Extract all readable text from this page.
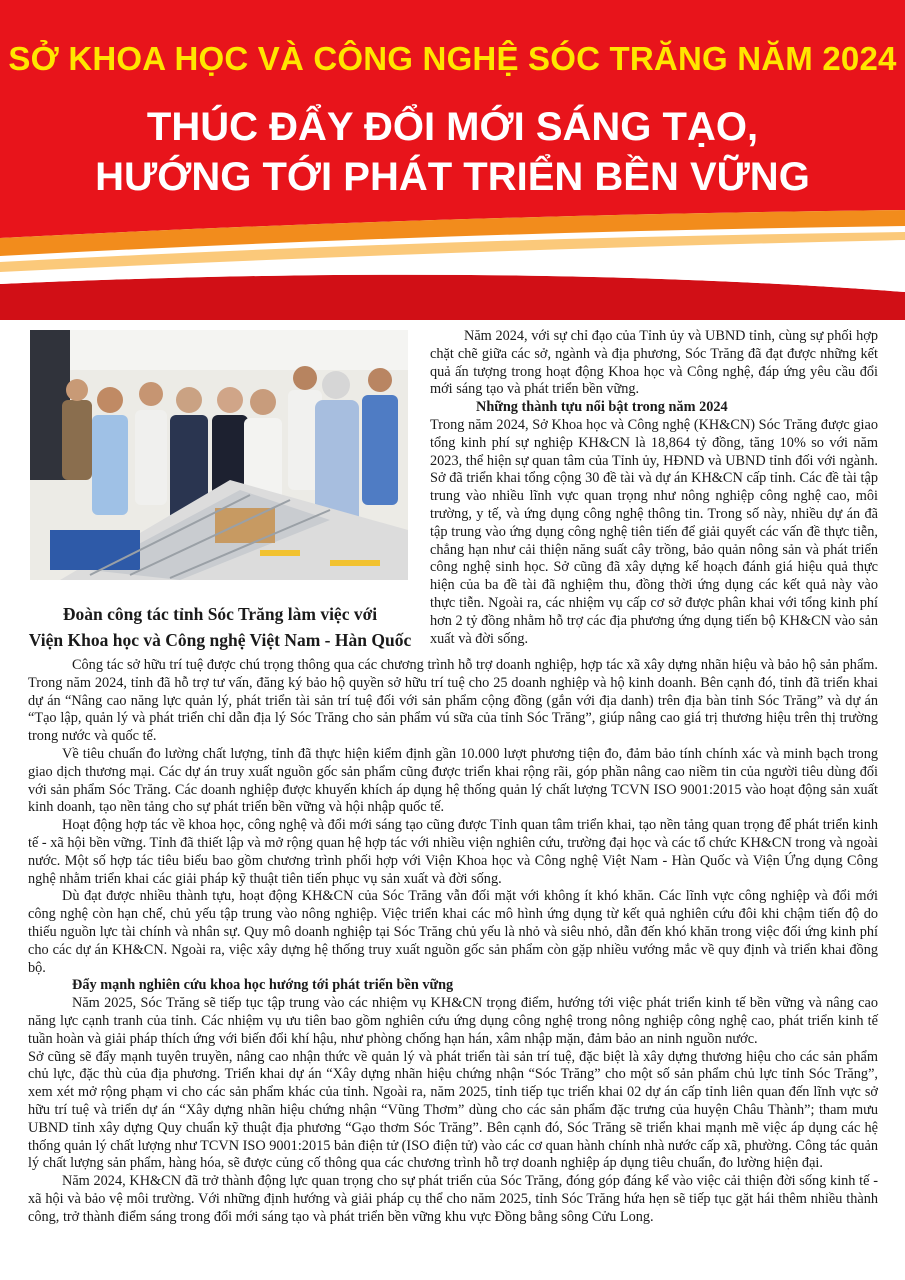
SỞ KHOA HỌC VÀ CÔNG NGHỆ SÓC TRĂNG NĂM 2024
THÚC ĐẨY ĐỔI MỚI SÁNG TẠO,
HƯỚNG TỚI PHÁT TRIỂN BỀN VỮNG

Đoàn công tác tỉnh Sóc Trăng làm việc với
Viện Khoa học và Công nghệ Việt Nam - Hàn Quốc

Năm 2024, với sự chỉ đạo của Tỉnh ủy và UBND tỉnh, cùng sự phối hợp chặt chẽ giữa các sở, ngành và địa phương, Sóc Trăng đã đạt được những kết quả ấn tượng trong hoạt động Khoa học và Công nghệ, đáp ứng yêu cầu đổi mới sáng tạo và phát triển bền vững.

Những thành tựu nổi bật trong năm 2024

Trong năm 2024, Sở Khoa học và Công nghệ (KH&CN) Sóc Trăng được giao tổng kinh phí sự nghiệp KH&CN là 18,864 tỷ đồng, tăng 10% so với năm 2023, thể hiện sự quan tâm của Tỉnh ủy, HĐND và UBND tỉnh đối với ngành. Sở đã triển khai tổng cộng 30 đề tài và dự án KH&CN cấp tỉnh. Các đề tài tập trung vào nhiều lĩnh vực quan trọng như nông nghiệp công nghệ cao, môi trường, y tế, và ứng dụng công nghệ thông tin. Trong số này, nhiều dự án đã tập trung vào ứng dụng công nghệ tiên tiến để giải quyết các vấn đề thực tiễn, chẳng hạn như cải thiện năng suất cây trồng, bảo quản nông sản và phát triển công nghệ sinh học. Sở cũng đã xây dựng kế hoạch đánh giá hiệu quả thực hiện của ba đề tài đã nghiệm thu, đồng thời ứng dụng các kết quả này vào thực tiễn. Ngoài ra, các nhiệm vụ cấp cơ sở được phân khai với tổng kinh phí hơn 2 tỷ đồng nhằm hỗ trợ các địa phương ứng dụng tiến bộ KH&CN vào sản xuất và đời sống.

Công tác sở hữu trí tuệ được chú trọng thông qua các chương trình hỗ trợ doanh nghiệp, hợp tác xã xây dựng nhãn hiệu và bảo hộ sản phẩm. Trong năm 2024, tỉnh đã hỗ trợ tư vấn, đăng ký bảo hộ quyền sở hữu trí tuệ cho 25 doanh nghiệp và hộ kinh doanh. Bên cạnh đó, tỉnh đã triển khai dự án “Nâng cao năng lực quản lý, phát triển tài sản trí tuệ đối với sản phẩm cộng đồng (gắn với địa danh) trên địa bàn tỉnh Sóc Trăng” và dự án “Tạo lập, quản lý và phát triển chỉ dẫn địa lý Sóc Trăng cho sản phẩm vú sữa của tỉnh Sóc Trăng”, giúp nâng cao giá trị thương hiệu trên thị trường trong nước và quốc tế.

Về tiêu chuẩn đo lường chất lượng, tỉnh đã thực hiện kiểm định gần 10.000 lượt phương tiện đo, đảm bảo tính chính xác và minh bạch trong giao dịch thương mại. Các dự án truy xuất nguồn gốc sản phẩm cũng được triển khai rộng rãi, góp phần nâng cao niềm tin của người tiêu dùng đối với sản phẩm Sóc Trăng. Các doanh nghiệp được khuyến khích áp dụng hệ thống quản lý chất lượng TCVN ISO 9001:2015 vào hoạt động sản xuất kinh doanh, tạo nền tảng cho sự phát triển bền vững và hội nhập quốc tế.

Hoạt động hợp tác về khoa học, công nghệ và đổi mới sáng tạo cũng được Tỉnh quan tâm triển khai, tạo nền tảng quan trọng để phát triển kinh tế - xã hội bền vững. Tỉnh đã thiết lập và mở rộng quan hệ hợp tác với nhiều viện nghiên cứu, trường đại học và các tổ chức KH&CN trong và ngoài nước. Một số hợp tác tiêu biểu bao gồm chương trình phối hợp với Viện Khoa học và Công nghệ Việt Nam - Hàn Quốc và Viện Ứng dụng Công nghệ nhằm triển khai các giải pháp kỹ thuật tiên tiến phục vụ sản xuất và đời sống.

Dù đạt được nhiều thành tựu, hoạt động KH&CN của Sóc Trăng vẫn đối mặt với không ít khó khăn. Các lĩnh vực công nghiệp và đổi mới công nghệ còn hạn chế, chủ yếu tập trung vào nông nghiệp. Việc triển khai các mô hình ứng dụng từ kết quả nghiên cứu đôi khi chậm tiến độ do thiếu nguồn lực tài chính và nhân sự. Quy mô doanh nghiệp tại Sóc Trăng chủ yếu là nhỏ và siêu nhỏ, dẫn đến khó khăn trong việc đối ứng kinh phí cho các dự án KH&CN. Ngoài ra, việc xây dựng hệ thống truy xuất nguồn gốc sản phẩm còn gặp nhiều vướng mắc về quy định và triển khai đồng bộ.

Đẩy mạnh nghiên cứu khoa học hướng tới phát triển bền vững

Năm 2025, Sóc Trăng sẽ tiếp tục tập trung vào các nhiệm vụ KH&CN trọng điểm, hướng tới việc phát triển kinh tế bền vững và nâng cao năng lực cạnh tranh của tỉnh. Các nhiệm vụ ưu tiên bao gồm nghiên cứu ứng dụng công nghệ trong nông nghiệp công nghệ cao, phát triển kinh tế tuần hoàn và giải pháp thích ứng với biến đổi khí hậu, như phòng chống hạn hán, xâm nhập mặn, đảm bảo an ninh nguồn nước.

Sở cũng sẽ đẩy mạnh tuyên truyền, nâng cao nhận thức về quản lý và phát triển tài sản trí tuệ, đặc biệt là xây dựng thương hiệu cho các sản phẩm chủ lực, đặc thù của địa phương. Triển khai dự án “Xây dựng nhãn hiệu chứng nhận “Sóc Trăng” cho một số sản phẩm chủ lực tỉnh Sóc Trăng”, xem xét mở rộng phạm vi cho các sản phẩm khác của tỉnh. Ngoài ra, năm 2025, tỉnh tiếp tục triển khai 02 dự án cấp tỉnh liên quan đến lĩnh vực sở hữu trí tuệ và triển dự án “Xây dựng nhãn hiệu chứng nhận “Vũng Thơm” dùng cho các sản phẩm đặc trưng của huyện Châu Thành”; tham mưu UBND tỉnh xây dựng Quy chuẩn kỹ thuật địa phương “Gạo thơm Sóc Trăng”. Bên cạnh đó, Sóc Trăng sẽ triển khai mạnh mẽ việc áp dụng các hệ thống quản lý chất lượng như TCVN ISO 9001:2015 bản điện tử (ISO điện tử) vào các cơ quan hành chính nhà nước cấp xã, phường. Công tác quản lý chất lượng sản phẩm, hàng hóa, sẽ được củng cố thông qua các chương trình hỗ trợ doanh nghiệp áp dụng tiêu chuẩn, đo lường hiện đại.

Năm 2024, KH&CN đã trở thành động lực quan trọng cho sự phát triển của Sóc Trăng, đóng góp đáng kể vào việc cải thiện đời sống kinh tế - xã hội và bảo vệ môi trường. Với những định hướng và giải pháp cụ thể cho năm 2025, tỉnh Sóc Trăng hứa hẹn sẽ tiếp tục gặt hái thêm nhiều thành công, trở thành điểm sáng trong đổi mới sáng tạo và phát triển bền vững khu vực Đồng bằng sông Cửu Long.
